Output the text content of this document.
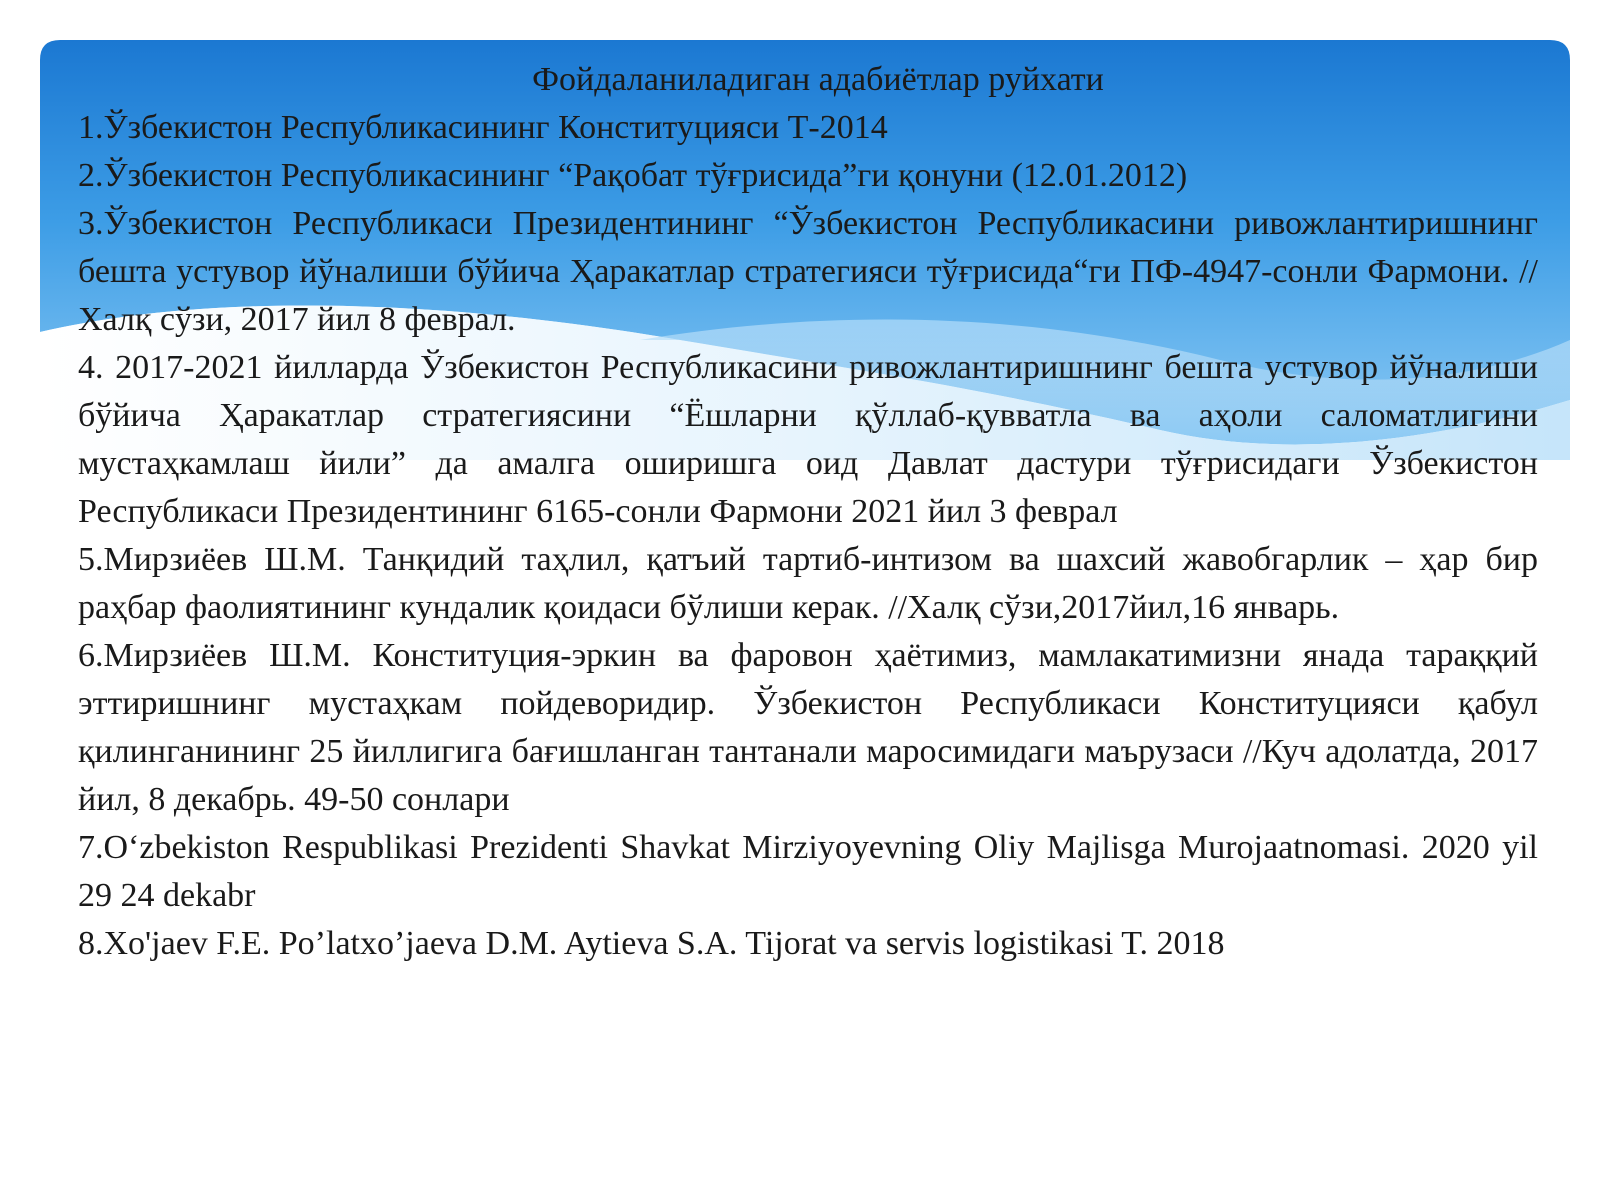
Фойдаланиладиган адабиётлар руйхати

1.Ўзбекистон Республикасининг Конституцияси Т-2014

2.Ўзбекистон Республикасининг “Рақобат тўғрисида”ги қонуни (12.01.2012)

3.Ўзбекистон Республикаси Президентининг “Ўзбекистон Республикасини ривожлантиришнинг бешта устувор йўналиши бўйича Ҳаракатлар стратегияси тўғрисида“ги ПФ-4947-сонли Фармони. //Халқ сўзи, 2017 йил 8 феврал.

4. 2017-2021 йилларда Ўзбекистон Республикасини ривожлантиришнинг бешта устувор йўналиши бўйича Ҳаракатлар стратегиясини “Ёшларни қўллаб-қувватла ва аҳоли саломатлигини мустаҳкамлаш йили” да амалга оширишга оид Давлат дастури тўғрисидаги Ўзбекистон Республикаси Президентининг 6165-сонли Фармони 2021 йил 3 феврал

5.Мирзиёев Ш.М. Танқидий таҳлил, қатъий тартиб-интизом ва шахсий жавобгарлик – ҳар бир раҳбар фаолиятининг кундалик қоидаси бўлиши керак. //Халқ сўзи,2017йил,16 январь.

6.Мирзиёев Ш.М. Конституция-эркин ва фаровон ҳаётимиз, мамлакатимизни янада тараққий эттиришнинг мустаҳкам пойдеворидир. Ўзбекистон Республикаси Конституцияси қабул қилинганининг 25 йиллигига бағишланган тантанали маросимидаги маърузаси //Куч адолатда, 2017 йил, 8 декабрь. 49-50 сонлари

7.O‘zbekiston Respublikasi Prezidenti Shavkat Mirziyoyevning Oliy Majlisga Murojaatnomasi. 2020 yil 29 24 dekabr

8.Xo'jaev F.E. Po’latxo’jaeva D.M. Aytieva S.A. Tijorat va servis logistikasi T. 2018
